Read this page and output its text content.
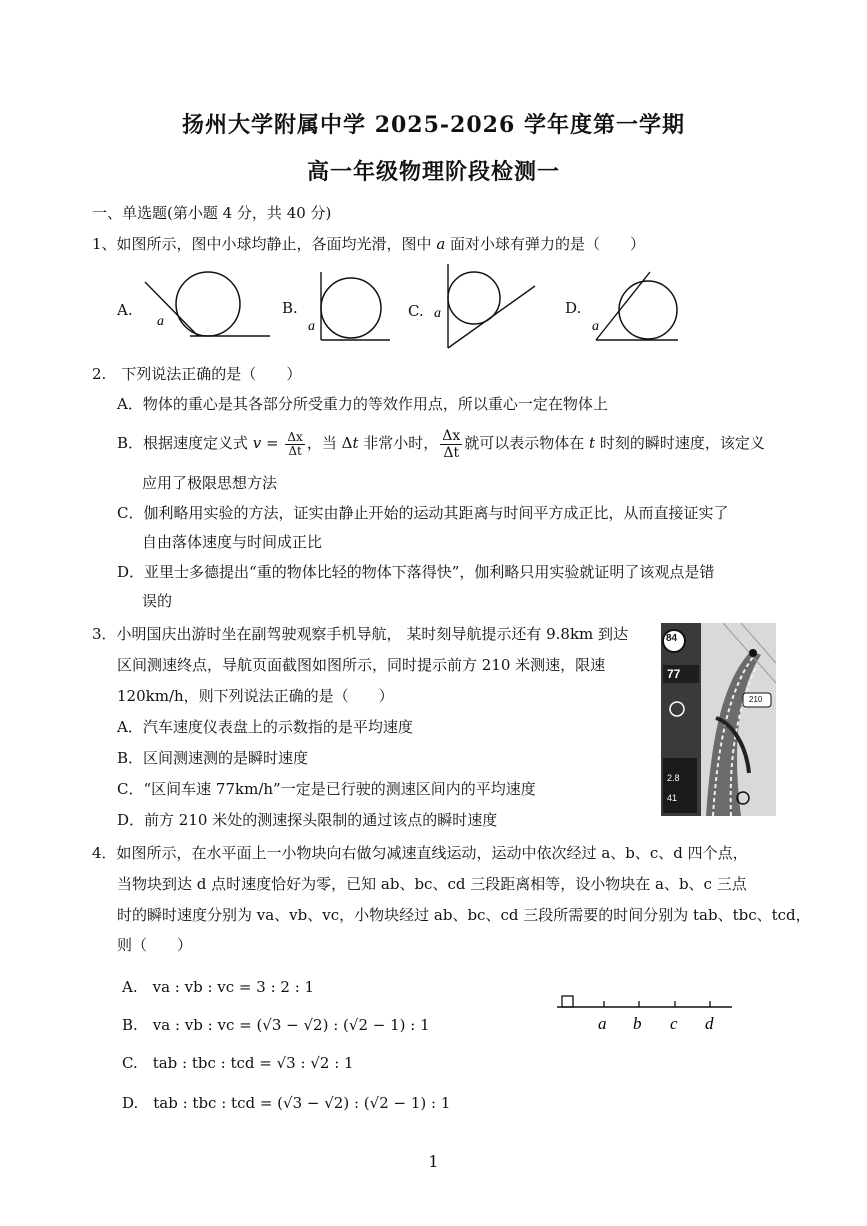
扬州大学附属中学 2025-2026 学年度第一学期
高一年级物理阶段检测一
一、单选题(第小题 4 分，共 40 分)
1、如图所示，图中小球均静止，各面均光滑，图中 a 面对小球有弹力的是（　　）
A.
a
B.
a
C. a	D.
a
2.　下列说法正确的是（　　）
A．物体的重心是其各部分所受重力的等效作用点，所以重心一定在物体上
B．根据速度定义式 $v = \frac{\Delta x}{\Delta t}$ ，当 Δt 非常小时， $\frac{\Delta x}{\Delta t}$ 就可以表示物体在 t 时刻的瞬时速度，该定义
应用了极限思想方法
C．伽利略用实验的方法，证实由静止开始的运动其距离与时间平方成正比，从而直接证实了
自由落体速度与时间成正比
D．亚里士多德提出“重的物体比轻的物体下落得快”，伽利略只用实验就证明了该观点是错
误的
3．小明国庆出游时坐在副驾驶观察手机导航， 某时刻导航提示还有 9.8km 到达
区间测速终点，导航页面截图如图所示，同时提示前方 210 米测速，限速
120km/h，则下列说法正确的是（　　）
A．汽车速度仪表盘上的示数指的是平均速度
B．区间测速测的是瞬时速度
C．“区间车速 77km/h”一定是已行驶的测速区间内的平均速度
D．前方 210 米处的测速探头限制的通过该点的瞬时速度
84
77
210
2.8
41
4．如图所示，在水平面上一小物块向右做匀减速直线运动，运动中依次经过 a、b、c、d 四个点，
当物块到达 d 点时速度恰好为零，已知 ab、bc、cd 三段距离相等，设小物块在 a、b、c 三点
时的瞬时速度分别为 va、vb、vc，小物块经过 ab、bc、cd 三段所需要的时间分别为 tab、tbc、tcd，
则（　　）
A.　va : vb : vc = 3 : 2 : 1
B.　va : vb : vc = (√3 − √2) : (√2 − 1) : 1
C.　tab : tbc : tcd = √3 : √2 : 1
D.　tab : tbc : tcd = (√3 − √2) : (√2 − 1) : 1
a b c d
1
